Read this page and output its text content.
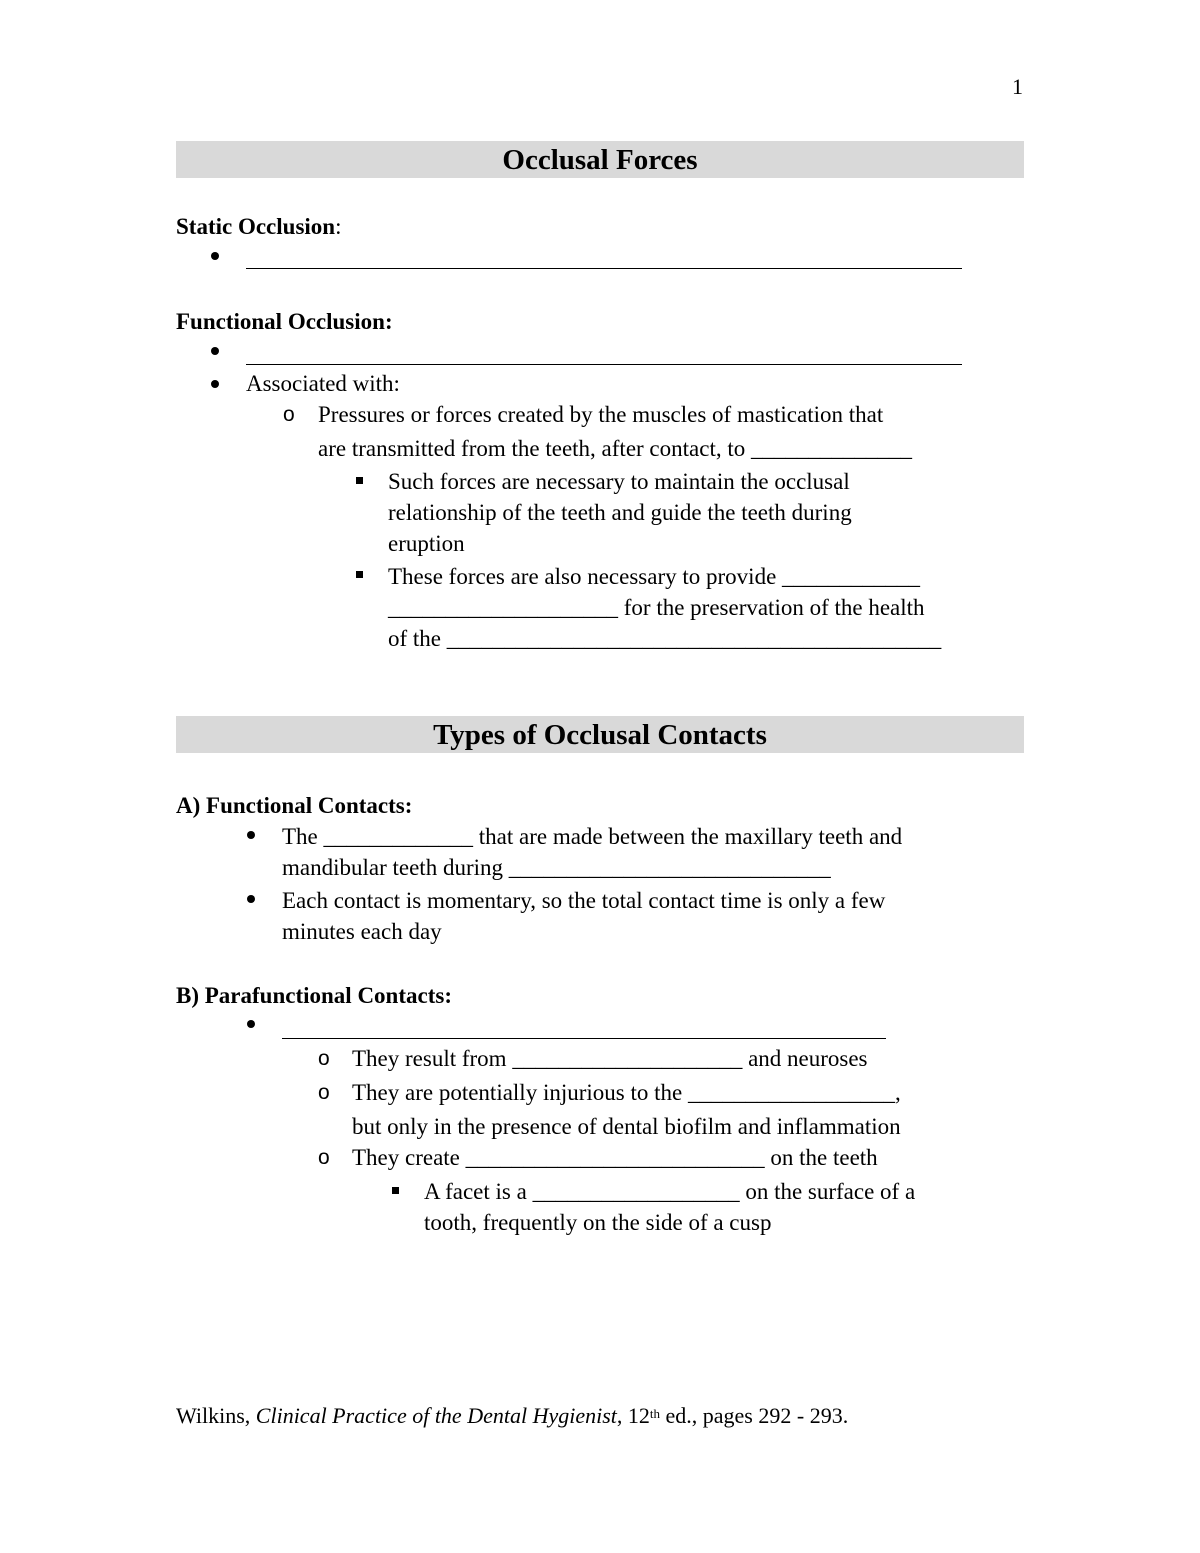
1
Occlusal Forces
Static Occlusion:
Functional Occlusion:
Associated with:
o Pressures or forces created by the muscles of mastication that
are transmitted from the teeth, after contact, to ______________
Such forces are necessary to maintain the occlusal
relationship of the teeth and guide the teeth during
eruption
These forces are also necessary to provide ____________
____________________ for the preservation of the health
of the ___________________________________________
Types of Occlusal Contacts
A) Functional Contacts:
The _____________ that are made between the maxillary teeth and
mandibular teeth during ____________________________
Each contact is momentary, so the total contact time is only a few
minutes each day
B) Parafunctional Contacts:
o They result from ____________________ and neuroses
o They are potentially injurious to the __________________,
but only in the presence of dental biofilm and inflammation
o They create __________________________ on the teeth
A facet is a __________________ on the surface of a
tooth, frequently on the side of a cusp
Wilkins, Clinical Practice of the Dental Hygienist, 12th ed., pages 292 - 293.
